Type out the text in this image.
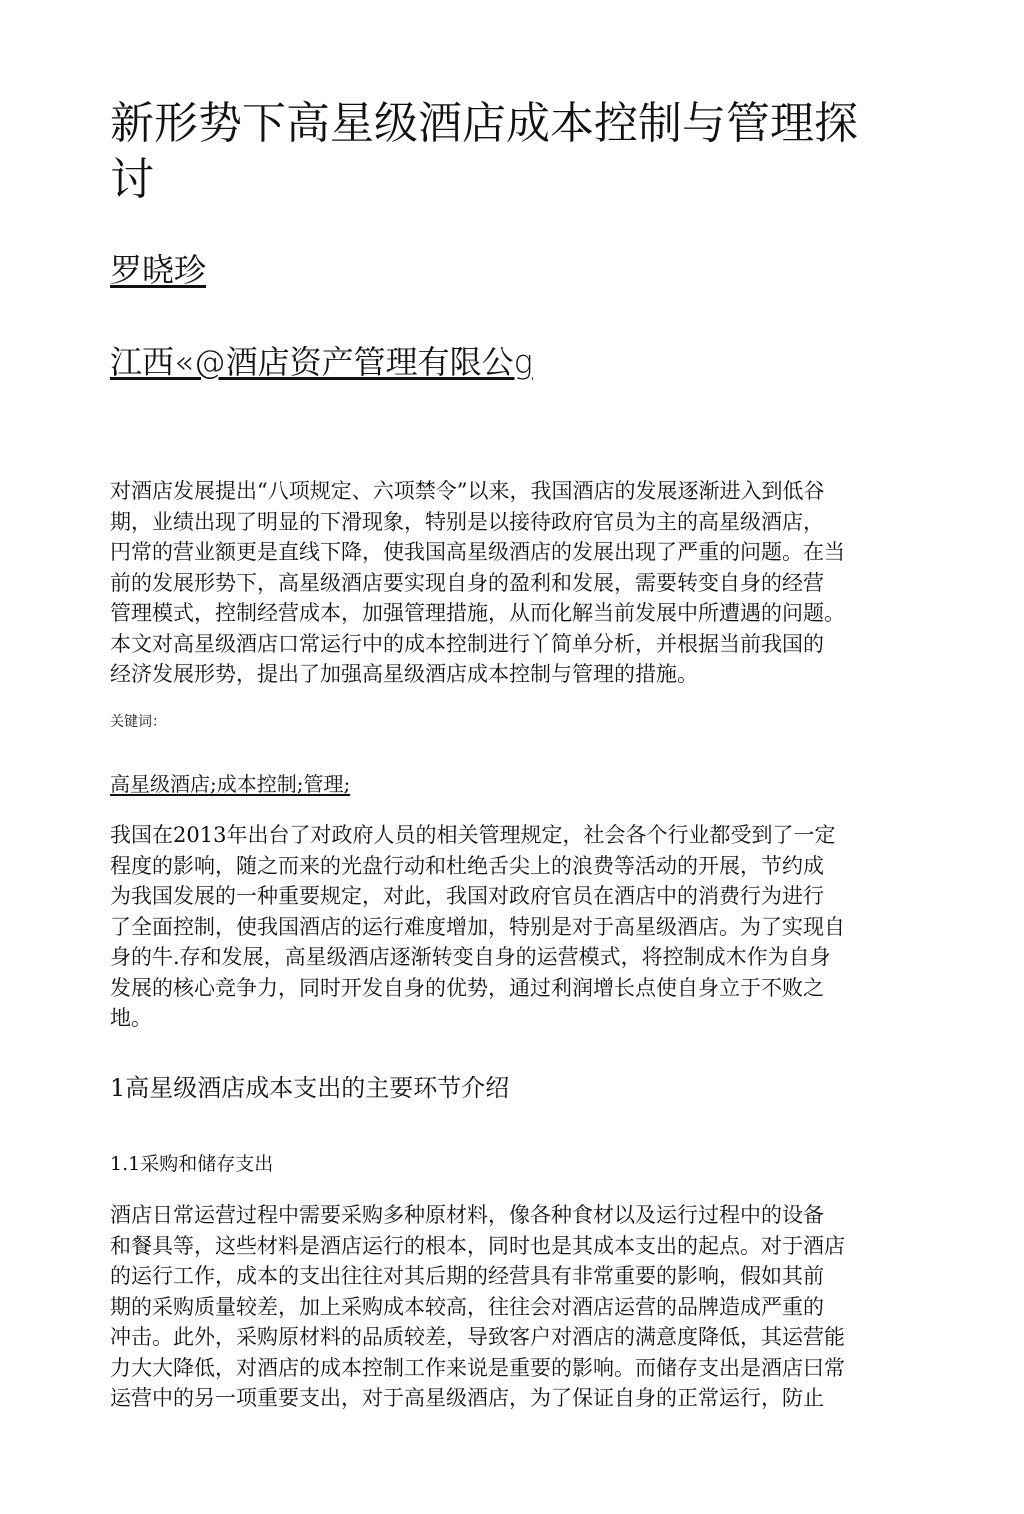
新形势下高星级酒店成本控制与管理探
讨
罗晓珍
江西«@酒店资产管理有限公g

对酒店发展提出“八项规定、六项禁令”以来，我国酒店的发展逐渐进入到低谷
期，业绩出现了明显的下滑现象，特别是以接待政府官员为主的高星级酒店，
円常的营业额更是直线下降，使我国高星级酒店的发展出现了严重的问题。在当
前的发展形势下，高星级酒店要实现自身的盈利和发展，需要转变自身的经营
管理模式，控制经营成本，加强管理措施，从而化解当前发展中所遭遇的问题。
本文对高星级酒店口常运行中的成本控制进行丫简单分析，并根据当前我国的
经济发展形势，提出了加强高星级酒店成本控制与管理的措施。

关键词：
高星级酒店;成本控制;管理;

我国在2013年出台了对政府人员的相关管理规定，社会各个行业都受到了一定
程度的影响，随之而来的光盘行动和杜绝舌尖上的浪费等活动的开展，节约成
为我国发展的一种重要规定，对此，我国对政府官员在酒店中的消费行为进行
了全面控制，使我国酒店的运行难度增加，特别是对于高星级酒店。为了实现自
身的牛.存和发展，高星级酒店逐渐转变自身的运营模式，将控制成木作为自身
发展的核心竞争力，同时开发自身的优势，通过利润增长点使自身立于不败之
地。

1高星级酒店成本支出的主要环节介绍
1.1采购和储存支出

酒店日常运营过程中需要采购多种原材料，像各种食材以及运行过程中的设备
和餐具等，这些材料是酒店运行的根本，同时也是其成本支出的起点。对于酒店
的运行工作，成本的支出往往对其后期的经营具有非常重要的影响，假如其前
期的采购质量较差，加上采购成本较高，往往会对酒店运营的品牌造成严重的
冲击。此外，采购原材料的品质较差，导致客户对酒店的满意度降低，其运营能
力大大降低，对酒店的成本控制工作来说是重要的影响。而储存支出是酒店曰常
运营中的另一项重要支出，对于高星级酒店，为了保证自身的正常运行，防止
